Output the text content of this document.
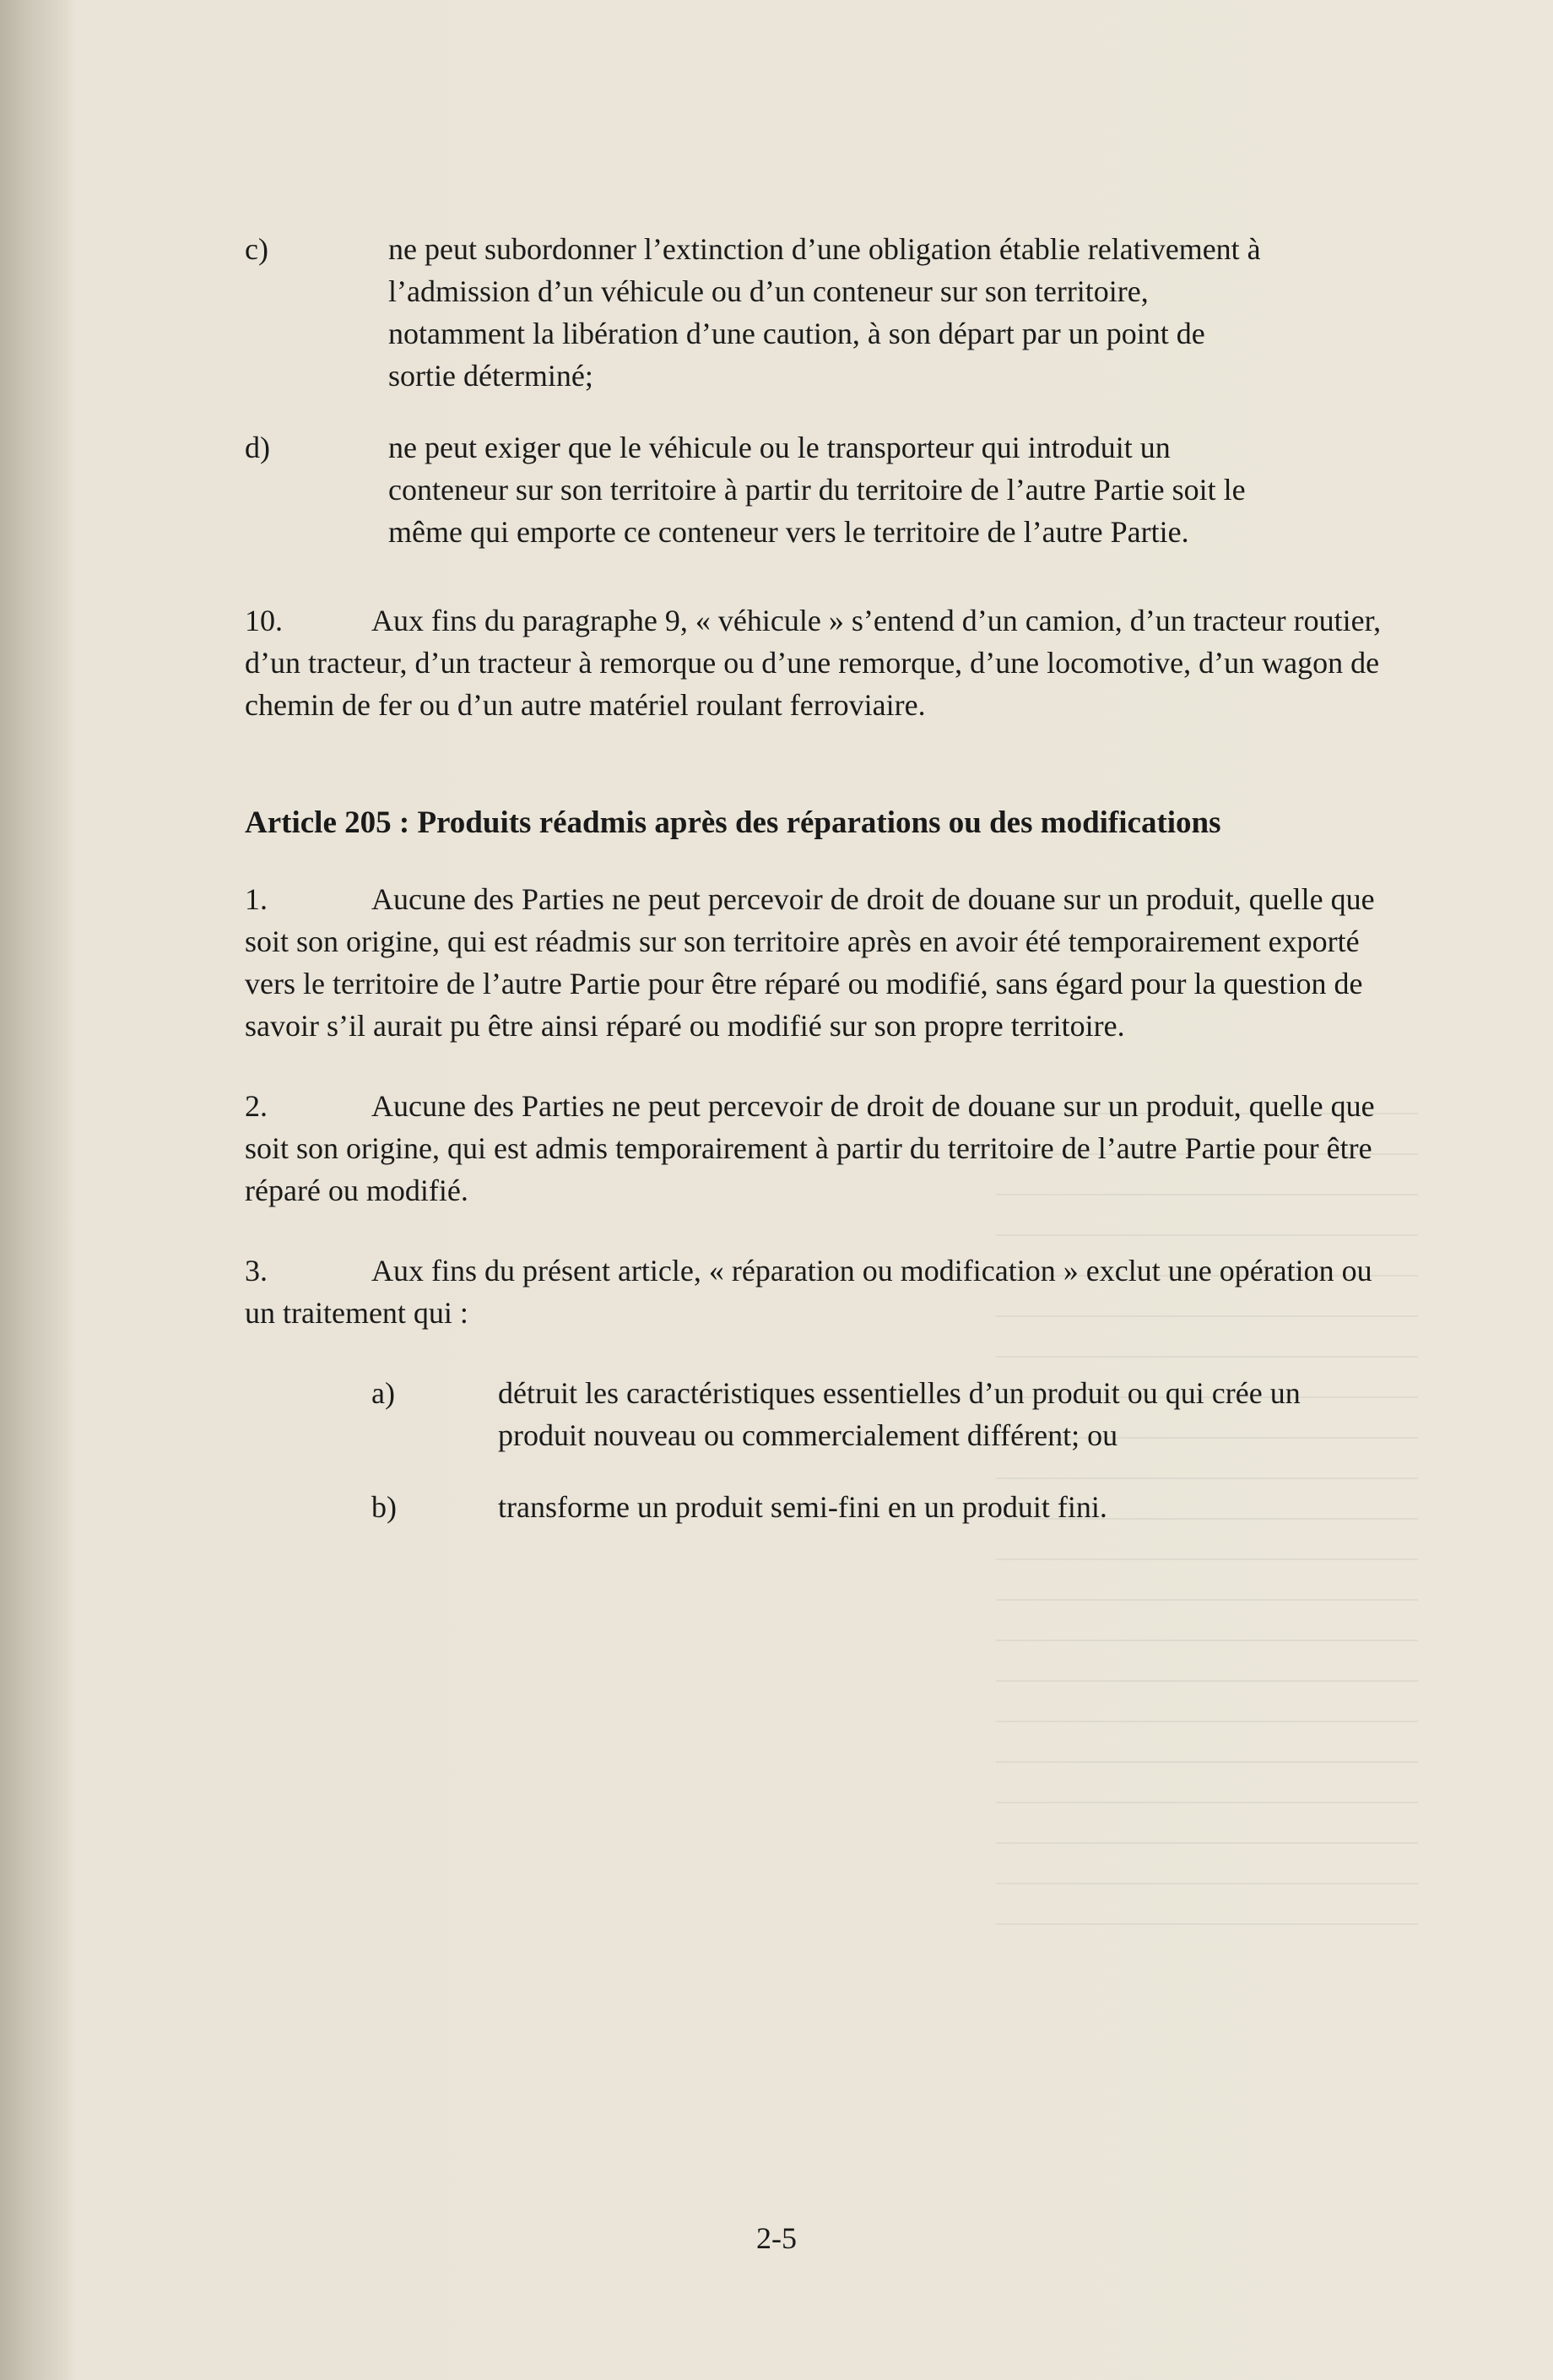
c)	ne peut subordonner l’extinction d’une obligation établie relativement à l’admission d’un véhicule ou d’un conteneur sur son territoire, notamment la libération d’une caution, à son départ par un point de sortie déterminé;
d)	ne peut exiger que le véhicule ou le transporteur qui introduit un conteneur sur son territoire à partir du territoire de l’autre Partie soit le même qui emporte ce conteneur vers le territoire de l’autre Partie.
10.	Aux fins du paragraphe 9, « véhicule » s’entend d’un camion, d’un tracteur routier, d’un tracteur, d’un tracteur à remorque ou d’une remorque, d’une locomotive, d’un wagon de chemin de fer ou d’un autre matériel roulant ferroviaire.
Article 205 : Produits réadmis après des réparations ou des modifications
1.	Aucune des Parties ne peut percevoir de droit de douane sur un produit, quelle que soit son origine, qui est réadmis sur son territoire après en avoir été temporairement exporté vers le territoire de l’autre Partie pour être réparé ou modifié, sans égard pour la question de savoir s’il aurait pu être ainsi réparé ou modifié sur son propre territoire.
2.	Aucune des Parties ne peut percevoir de droit de douane sur un produit, quelle que soit son origine, qui est admis temporairement à partir du territoire de l’autre Partie pour être réparé ou modifié.
3.	Aux fins du présent article, « réparation ou modification » exclut une opération ou un traitement qui :
a)	détruit les caractéristiques essentielles d’un produit ou qui crée un produit nouveau ou commercialement différent; ou
b)	transforme un produit semi-fini en un produit fini.
2-5
